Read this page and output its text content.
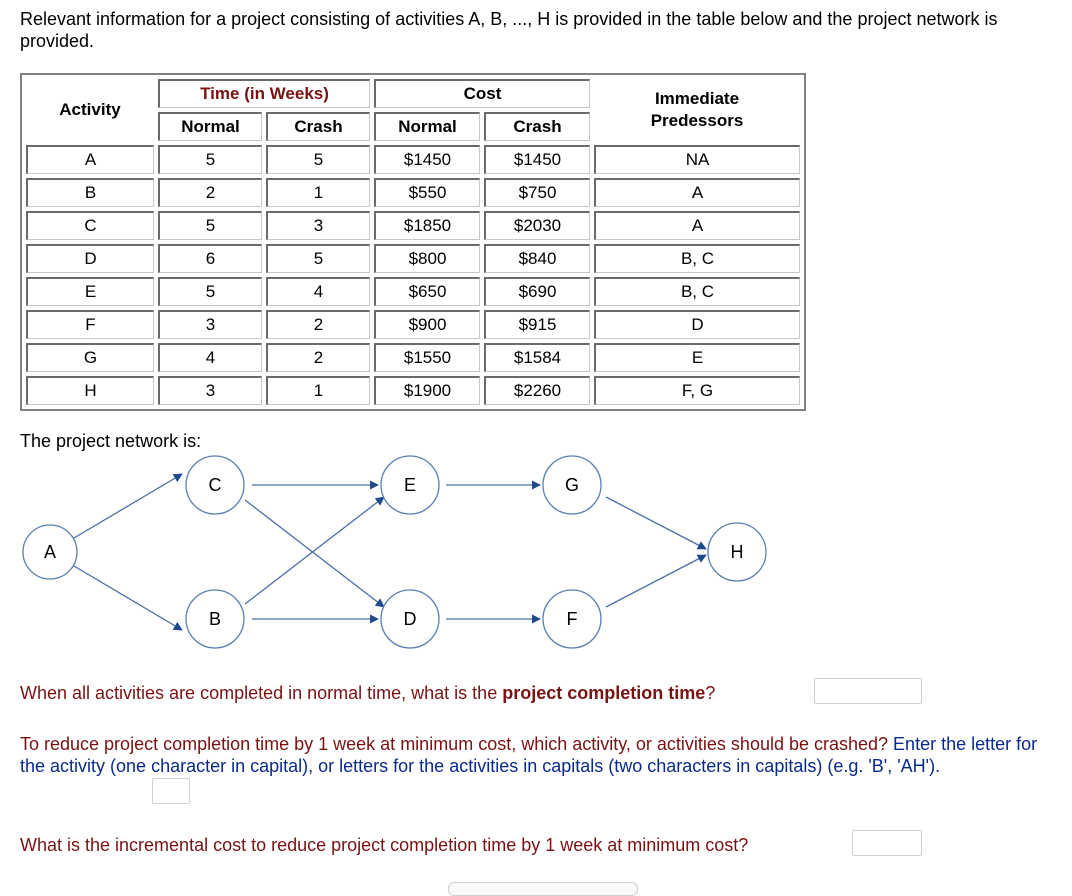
Relevant information for a project consisting of activities A, B, ..., H is provided in the table below and the project network is provided.
Activity	Time (in Weeks)		Cost		Immediate
Predessors
	Normal	Crash	Normal	Crash	
A	5	5	$1450	$1450	NA
B	2	1	$550	$750	A
C	5	3	$1850	$2030	A
D	6	5	$800	$840	B, C
E	5	4	$650	$690	B, C
F	3	2	$900	$915	D
G	4	2	$1550	$1584	E
H	3	1	$1900	$2260	F, G
The project network is:
A
C
B
E
D
G
F
H
When all activities are completed in normal time, what is the project completion time?
To reduce project completion time by 1 week at minimum cost, which activity, or activities should be crashed? Enter the letter for the activity (one character in capital), or letters for the activities in capitals (two characters in capitals) (e.g. 'B', 'AH').
What is the incremental cost to reduce project completion time by 1 week at minimum cost?
